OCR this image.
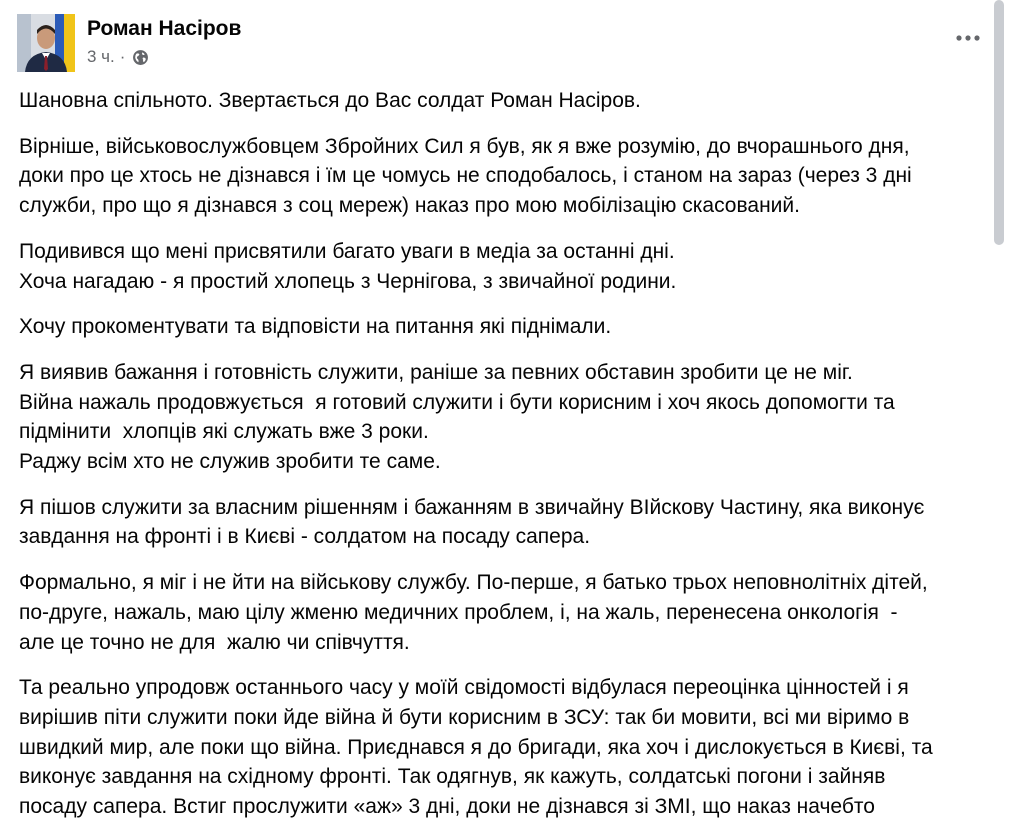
Роман Насіров
3 ч. ·

Шановна спільното. Звертається до Вас солдат Роман Насіров.

Вірніше, військовослужбовцем Збройних Сил я був, як я вже розумію, до вчорашнього дня,
доки про це хтось не дізнався і їм це чомусь не сподобалось, і станом на зараз (через 3 дні
служби, про що я дізнався з соц мереж) наказ про мою мобілізацію скасований.

Подивився що мені присвятили багато уваги в медіа за останні дні.
Хоча нагадаю - я простий хлопець з Чернігова, з звичайної родини.

Хочу прокоментувати та відповісти на питання які піднімали.

Я виявив бажання і готовність служити, раніше за певних обставин зробити це не міг.
Війна нажаль продовжується  я готовий служити і бути корисним і хоч якось допомогти та
підмінити  хлопців які служать вже 3 роки.
Раджу всім хто не служив зробити те саме.

Я пішов служити за власним рішенням і бажанням в звичайну ВІйскову Частину, яка виконує
завдання на фронті і в Києві - солдатом на посаду сапера.

Формально, я міг і не йти на військову службу. По-перше, я батько трьох неповнолітніх дітей,
по-друге, нажаль, маю цілу жменю медичних проблем, і, на жаль, перенесена онкологія  -
але це точно не для  жалю чи співчуття.

Та реально упродовж останнього часу у моїй свідомості відбулася переоцінка цінностей і я
вирішив піти служити поки йде війна й бути корисним в ЗСУ: так би мовити, всі ми віримо в
швидкий мир, але поки що війна. Приєднався я до бригади, яка хоч і дислокується в Києві, та
виконує завдання на східному фронті. Так одягнув, як кажуть, солдатські погони і зайняв
посаду сапера. Встиг прослужити «аж» 3 дні, доки не дізнався зі ЗМІ, що наказ начебто
